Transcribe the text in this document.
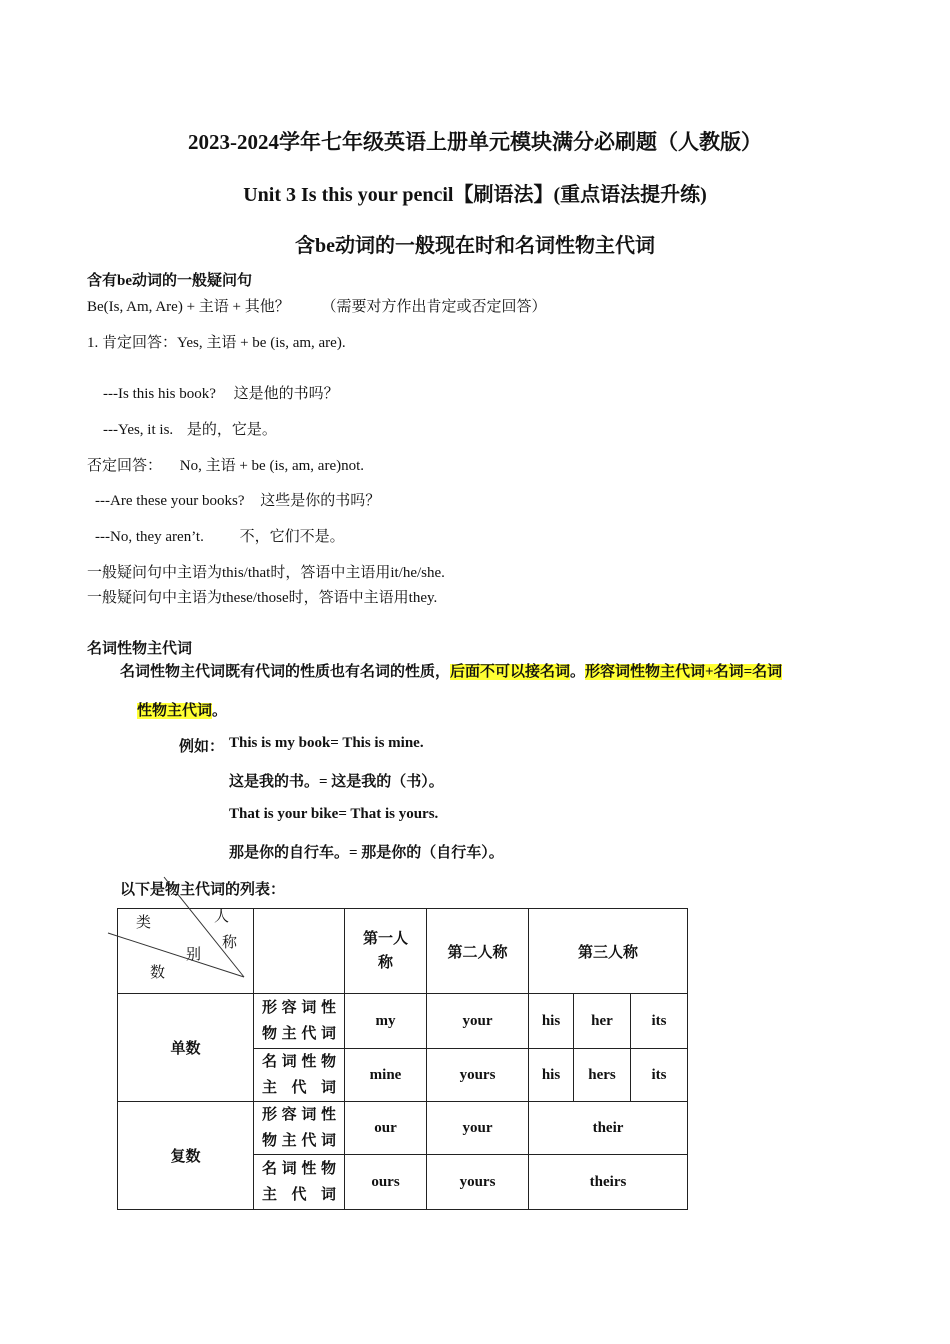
2023-2024学年七年级英语上册单元模块满分必刷题（人教版）
Unit 3 Is this your pencil【刷语法】(重点语法提升练)
含be动词的一般现在时和名词性物主代词
含有be动词的一般疑问句
Be(Is, Am, Are) + 主语 + 其他？ （需要对方作出肯定或否定回答）
1. 肯定回答：Yes, 主语 + be (is, am, are).
---Is this his book? 这是他的书吗？
---Yes, it is. 是的，它是。
否定回答： No, 主语 + be (is, am, are)not.
---Are these your books? 这些是你的书吗？
---No, they aren’t. 不，它们不是。
一般疑问句中主语为this/that时，答语中主语用it/he/she.
一般疑问句中主语为these/those时，答语中主语用they.
名词性物主代词
名词性物主代词既有代词的性质也有名词的性质，后面不可以接名词。形容词性物主代词+名词=名词
性物主代词。
例如： This is my book= This is mine.
这是我的书。= 这是我的（书）。
That is your bike= That is yours.
那是你的自行车。= 那是你的（自行车）。
以下是物主代词的列表：
人
称
类
别
数		第一人称	第二人称	第三人称		
单数	形容词性物主代词	my	your	his	her	its
	名词性物主代词	mine	yours	his	hers	its
复数	形容词性物主代词	our	your	their		
	名词性物主代词	ours	yours	theirs		
